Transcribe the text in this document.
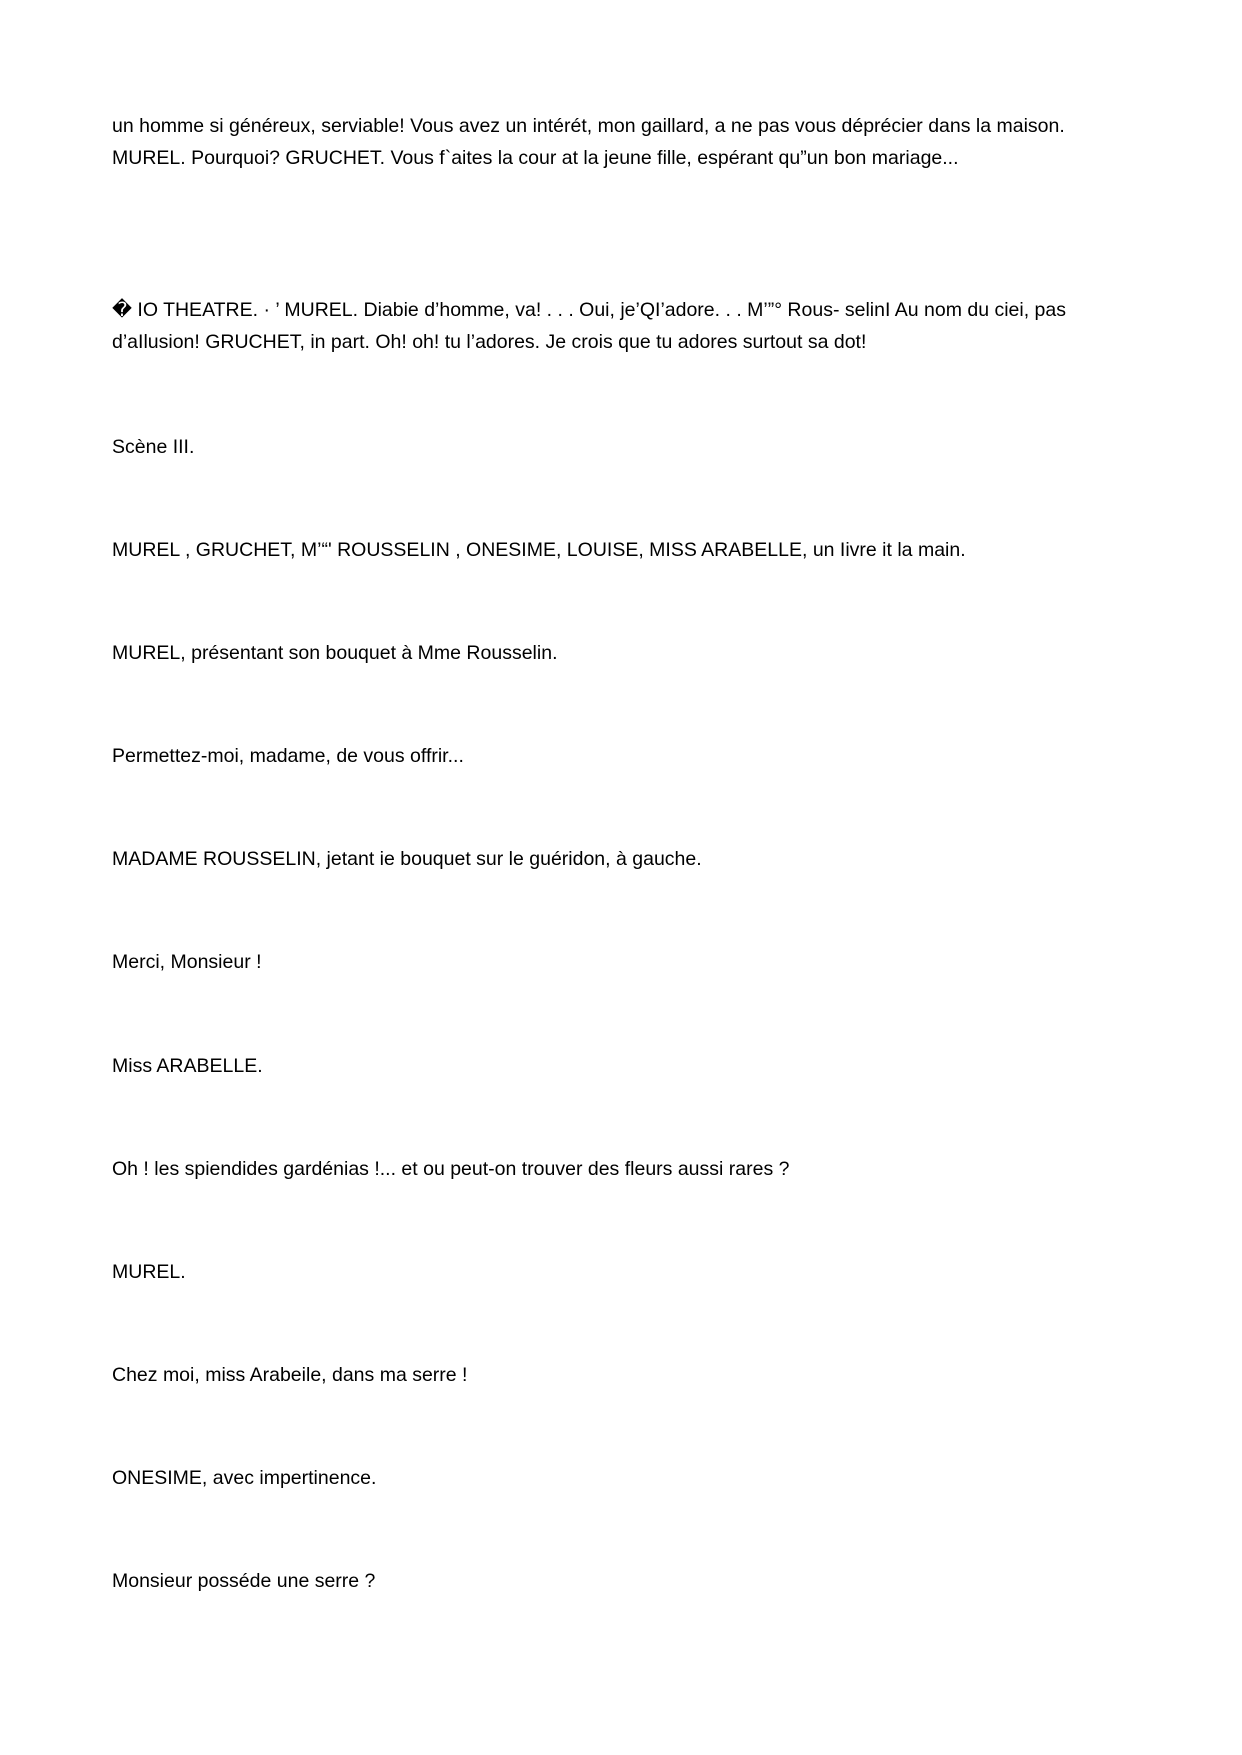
un homme si généreux, serviable! Vous avez un intérét, mon gaillard, a ne pas vous déprécier dans la maison. MUREL. Pourquoi? GRUCHET. Vous f`aites la cour at la jeune fille, espérant qu”un bon mariage...

� IO THEATRE. · ’ MUREL. Diabie d’homme, va! . . . Oui, je’QI’adore. . . M’”° Rous- selinI Au nom du ciei, pas d’aIlusion! GRUCHET, in part. Oh! oh! tu l’adores. Je crois que tu adores surtout sa dot!

Scène III.

MUREL , GRUCHET, M’“' ROUSSELIN , ONESIME, LOUISE, MISS ARABELLE, un Iivre it la main.

MUREL, présentant son bouquet à Mme Rousselin.

Permettez-moi, madame, de vous offrir...

MADAME ROUSSELIN, jetant ie bouquet sur le guéridon, à gauche.

Merci, Monsieur !

Miss ARABELLE.

Oh ! les spiendides gardénias !... et ou peut-on trouver des fleurs aussi rares ?

MUREL.

Chez moi, miss Arabeile, dans ma serre !

ONESIME, avec impertinence.

Monsieur posséde une serre ?
